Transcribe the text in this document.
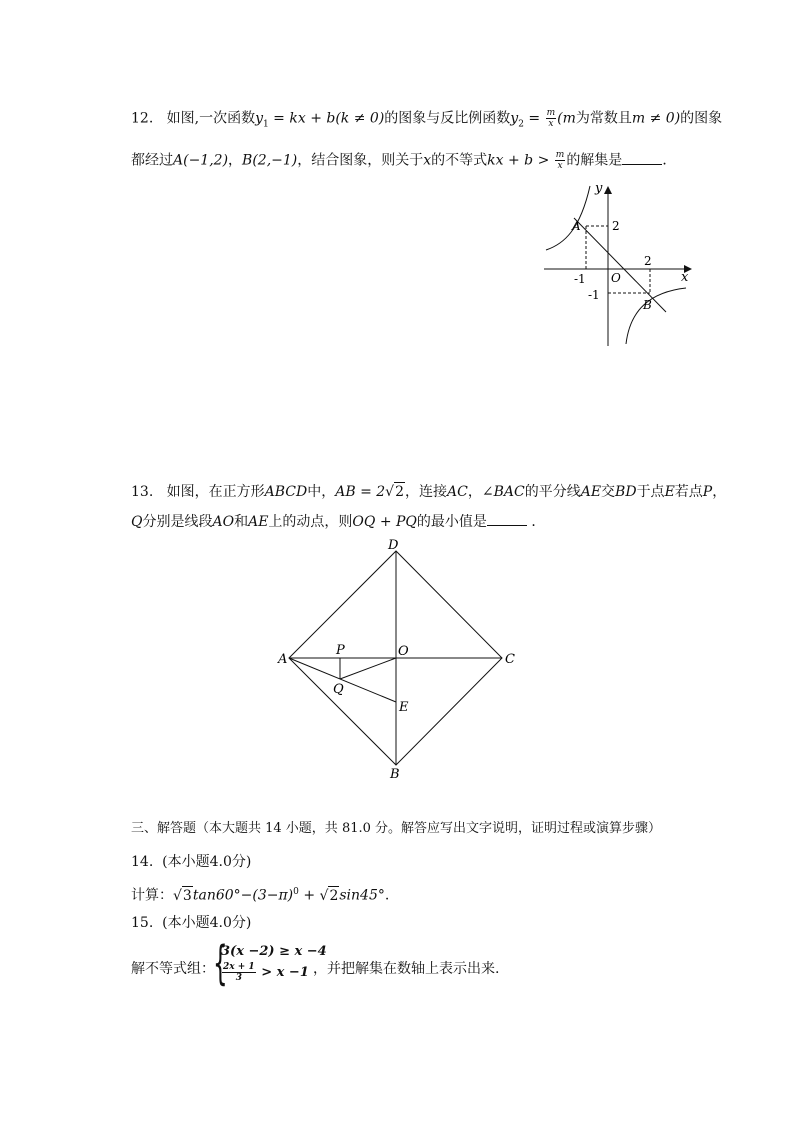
12. 如图,一次函数$y_1$ = kx + b(k ≠ 0)的图象与反比例函数$y_2 = \frac{m}{x} (m$为常数且m ≠ 0)的图象
都经过A(−1,2)，B(2,−1)，结合图象，则关于x的不等式kx + $b > \frac{m}{x}$ 的解集是	．
y
x
A
B
O
2
2
-1
-1
13. 如图，在正方形ABCD中，AB = 2√2，连接AC，∠BAC的平分线AE交BD于点E若点P，
Q分别是线段AO和AE上的动点，则OQ + PQ的最小值是	．
D
A	C
B
O
P
Q
E
三、解答题（本大题共 14 小题，共 81.0 分。解答应写出文字说明，证明过程或演算步骤）
14. (本小题4.0分)
计算：$√3\tan 60^\circ-(3-\pi)^0 + √2\sin 45^\circ$.
15. (本小题4.0分)
解不等式组：
{
3(x −2) ≥ x −4
$\frac{2x + 1}{3} > x -1$ ，并把解集在数轴上表示出来.
